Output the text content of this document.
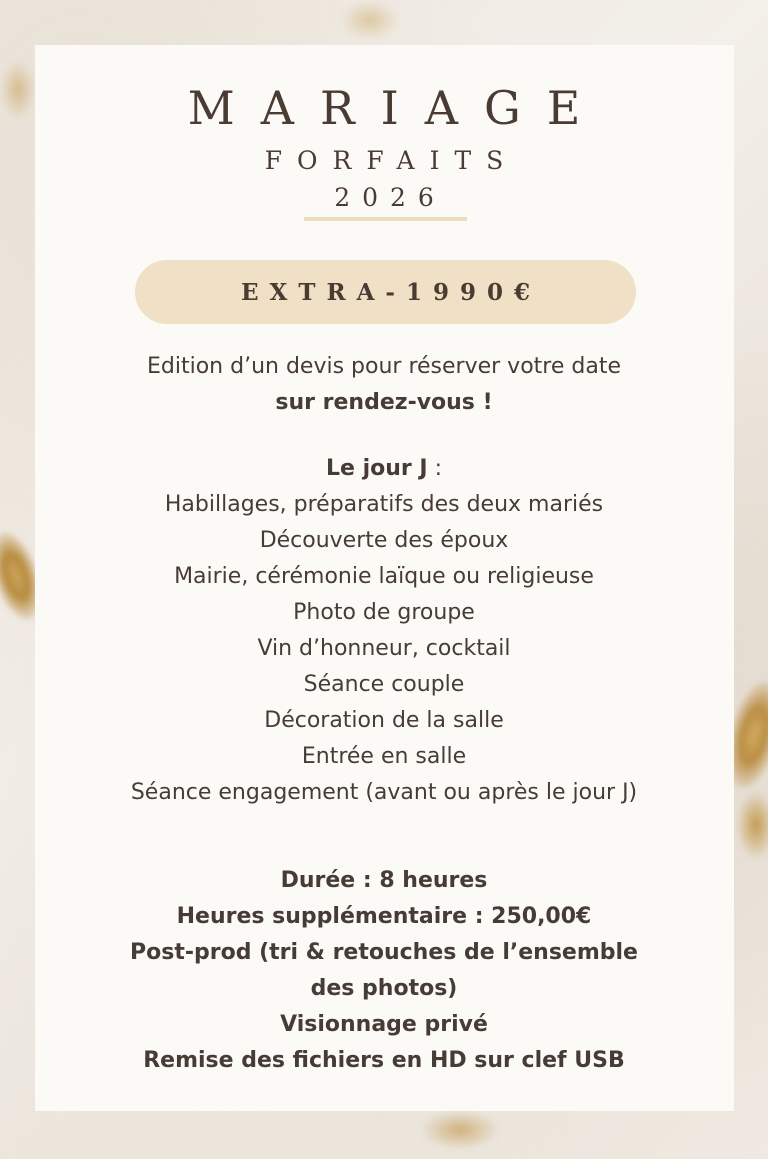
MARIAGE
FORFAITS
2026
EXTRA-1990€
Edition d’un devis pour réserver votre date
sur rendez-vous !
Le jour J :
Habillages, préparatifs des deux mariés
Découverte des époux
Mairie, cérémonie laïque ou religieuse
Photo de groupe
Vin d’honneur, cocktail
Séance couple
Décoration de la salle
Entrée en salle
Séance engagement (avant ou après le jour J)
Durée : 8 heures
Heures supplémentaire : 250,00€
Post-prod (tri & retouches de l’ensemble
des photos)
Visionnage privé
Remise des fichiers en HD sur clef USB
